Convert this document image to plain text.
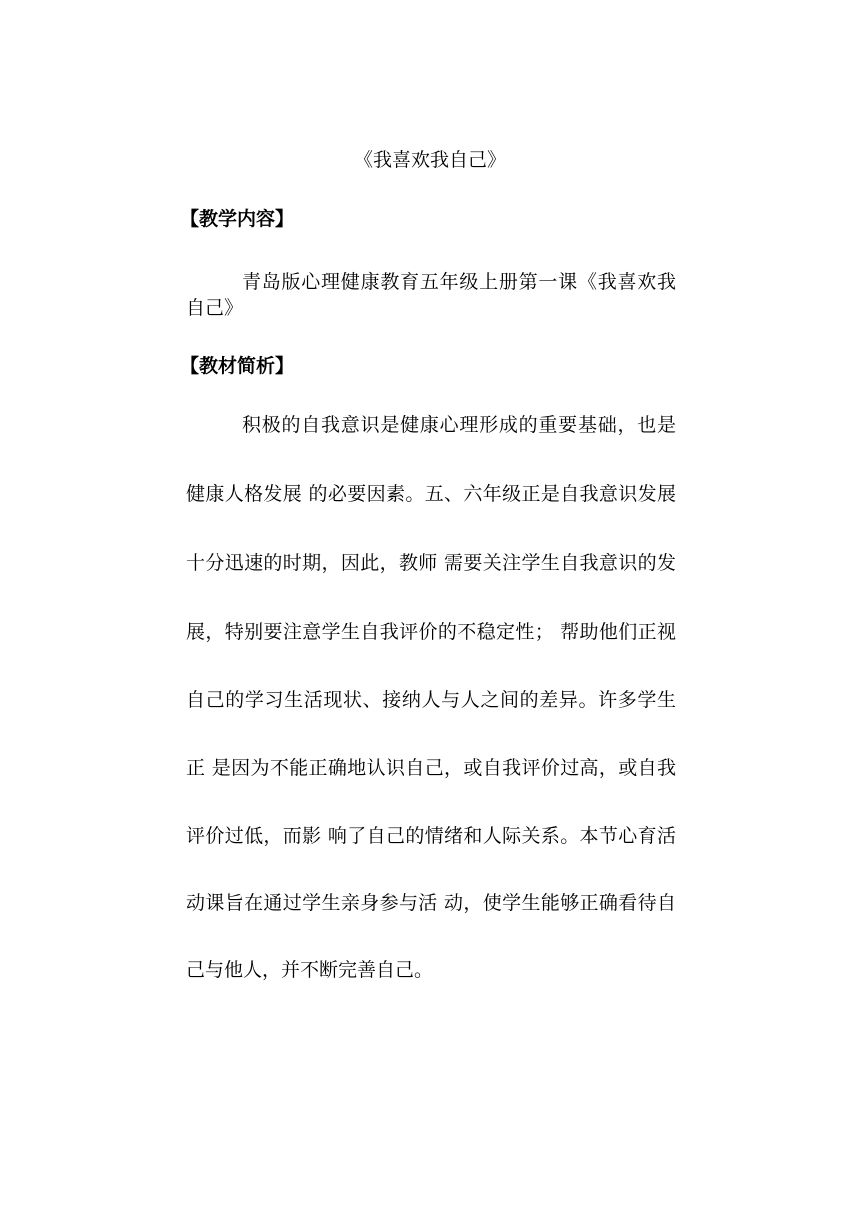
《我喜欢我自己》
【教学内容】
青岛版心理健康教育五年级上册第一课《我喜欢我
自己》
【教材简析】
积极的自我意识是健康心理形成的重要基础，也是
健康人格发展 的必要因素。五、六年级正是自我意识发展
十分迅速的时期，因此，教师 需要关注学生自我意识的发
展，特别要注意学生自我评价的不稳定性； 帮助他们正视
自己的学习生活现状、接纳人与人之间的差异。许多学生
正 是因为不能正确地认识自己，或自我评价过高，或自我
评价过低，而影 响了自己的情绪和人际关系。本节心育活
动课旨在通过学生亲身参与活 动，使学生能够正确看待自
己与他人，并不断完善自己。
